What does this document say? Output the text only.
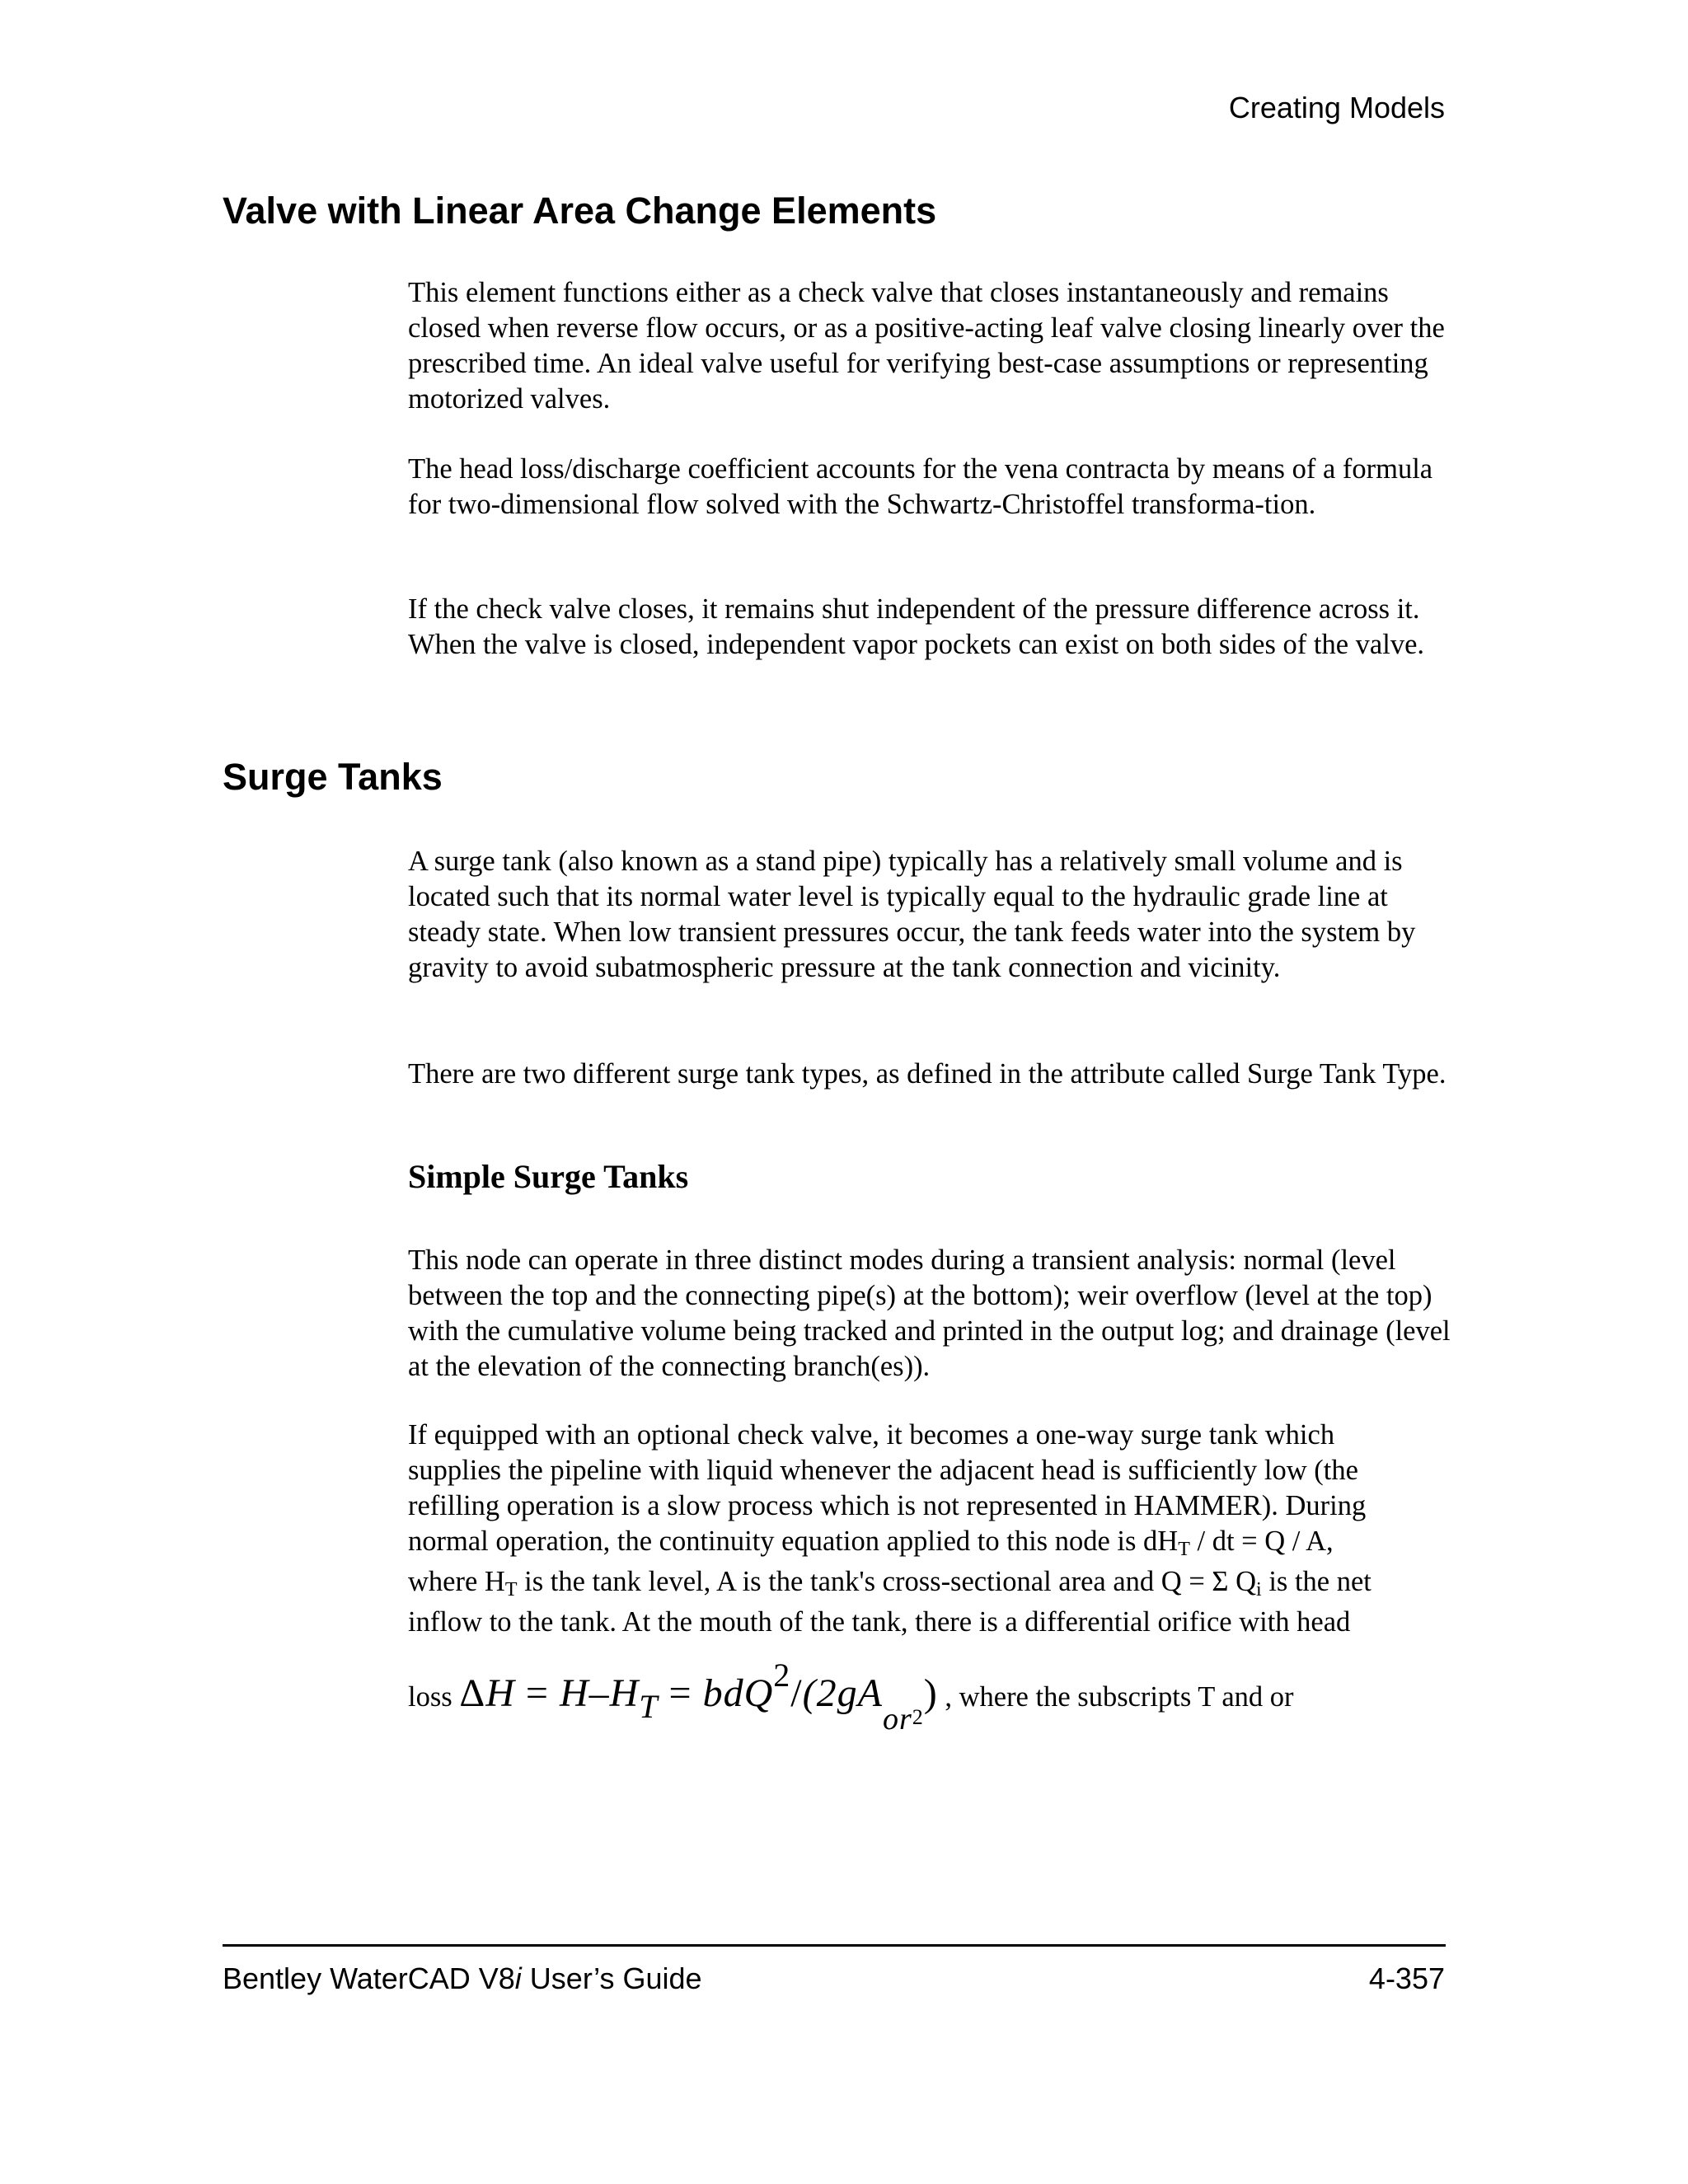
Creating Models
Valve with Linear Area Change Elements

This element functions either as a check valve that closes instantaneously and remains closed when reverse flow occurs, or as a positive-acting leaf valve closing linearly over the prescribed time. An ideal valve useful for verifying best-case assumptions or representing motorized valves.

The head loss/discharge coefficient accounts for the vena contracta by means of a formula for two-dimensional flow solved with the Schwartz-Christoffel transforma-tion.

If the check valve closes, it remains shut independent of the pressure difference across it. When the valve is closed, independent vapor pockets can exist on both sides of the valve.

Surge Tanks

A surge tank (also known as a stand pipe) typically has a relatively small volume and is located such that its normal water level is typically equal to the hydraulic grade line at steady state. When low transient pressures occur, the tank feeds water into the system by gravity to avoid subatmospheric pressure at the tank connection and vicinity.

There are two different surge tank types, as defined in the attribute called Surge Tank Type.

Simple Surge Tanks

This node can operate in three distinct modes during a transient analysis: normal (level between the top and the connecting pipe(s) at the bottom); weir overflow (level at the top) with the cumulative volume being tracked and printed in the output log; and drainage (level at the elevation of the connecting branch(es)).

If equipped with an optional check valve, it becomes a one-way surge tank which
supplies the pipeline with liquid whenever the adjacent head is sufficiently low (the
refilling operation is a slow process which is not represented in HAMMER). During
normal operation, the continuity equation applied to this node is $dH_T$ / dt = Q / A,
where $H_T$ is the tank level, A is the tank's cross-sectional area and Q = Σ $Q_i$ is the net
inflow to the tank. At the mouth of the tank, there is a differential orifice with head

loss $\Delta H = H-H_T = bdQ^2/(2gA_{or2})$ , where the subscripts T and or
Bentley WaterCAD V8i User’s Guide	4-357
